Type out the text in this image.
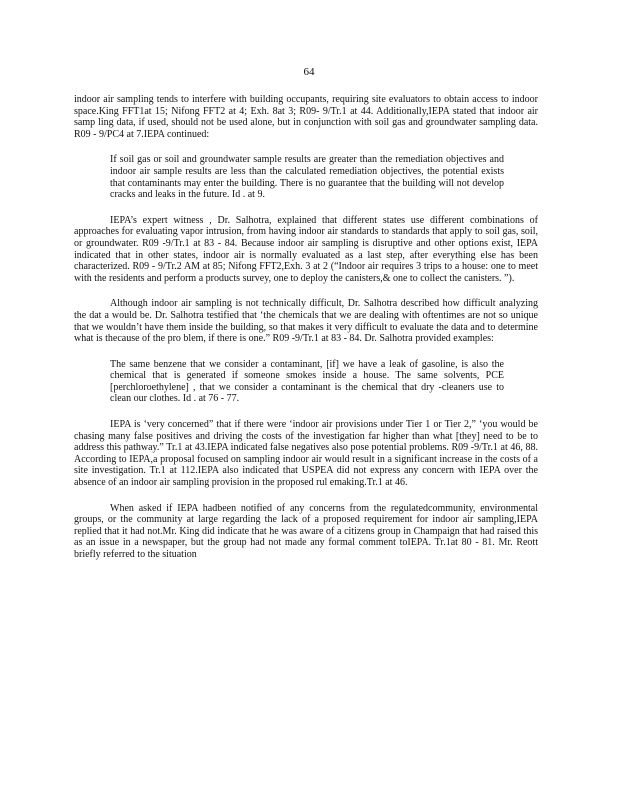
64

indoor air sampling tends to interfere with building occupants, requiring site evaluators to obtain access to indoor space.King FFT1at 15; Nifong FFT2 at 4; Exh. 8at 3; R09- 9/Tr.1 at 44. Additionally,IEPA stated that indoor air samp ling data, if used, should not be used alone, but in conjunction with soil gas and groundwater sampling data. R09 - 9/PC4 at 7.IEPA continued:

If soil gas or soil and groundwater sample results are greater than the remediation objectives and indoor air sample results are less than the calculated remediation objectives, the potential exists that contaminants may enter the building. There is no guarantee that the building will not develop cracks and leaks in the future. Id . at 9.

IEPA’s expert witness , Dr. Salhotra, explained that different states use different combinations of approaches for evaluating vapor intrusion, from having indoor air standards to standards that apply to soil gas, soil, or groundwater. R09 -9/Tr.1 at 83 - 84. Because indoor air sampling is disruptive and other options exist, IEPA indicated that in other states, indoor air is normally evaluated as a last step, after everything else has been characterized. R09 - 9/Tr.2 AM at 85; Nifong FFT2,Exh. 3 at 2 (“Indoor air requires 3 trips to a house: one to meet with the residents and perform a products survey, one to deploy the canisters,& one to collect the canisters. ”).

Although indoor air sampling is not technically difficult, Dr. Salhotra described how difficult analyzing the dat a would be. Dr. Salhotra testified that ‘the chemicals that we are dealing with oftentimes are not so unique that we wouldn’t have them inside the building, so that makes it very difficult to evaluate the data and to determine what is thecause of the pro blem, if there is one.” R09 -9/Tr.1 at 83 - 84. Dr. Salhotra provided examples:

The same benzene that we consider a contaminant, [if] we have a leak of gasoline, is also the chemical that is generated if someone smokes inside a house. The same solvents, PCE [perchloroethylene] , that we consider a contaminant is the chemical that dry -cleaners use to clean our clothes. Id . at 76 - 77.

IEPA is ‘very concerned” that if there were ‘indoor air provisions under Tier 1 or Tier 2,” ‘you would be chasing many false positives and driving the costs of the investigation far higher than what [they] need to be to address this pathway.” Tr.1 at 43.IEPA indicated false negatives also pose potential problems. R09 -9/Tr.1 at 46, 88. According to IEPA,a proposal focused on sampling indoor air would result in a significant increase in the costs of a site investigation. Tr.1 at 112.IEPA also indicated that USPEA did not express any concern with IEPA over the absence of an indoor air sampling provision in the proposed rul emaking.Tr.1 at 46.

When asked if IEPA hadbeen notified of any concerns from the regulatedcommunity, environmental groups, or the community at large regarding the lack of a proposed requirement for indoor air sampling,IEPA replied that it had not.Mr. King did indicate that he was aware of a citizens group in Champaign that had raised this as an issue in a newspaper, but the group had not made any formal comment toIEPA. Tr.1at 80 - 81. Mr. Reott briefly referred to the situation
